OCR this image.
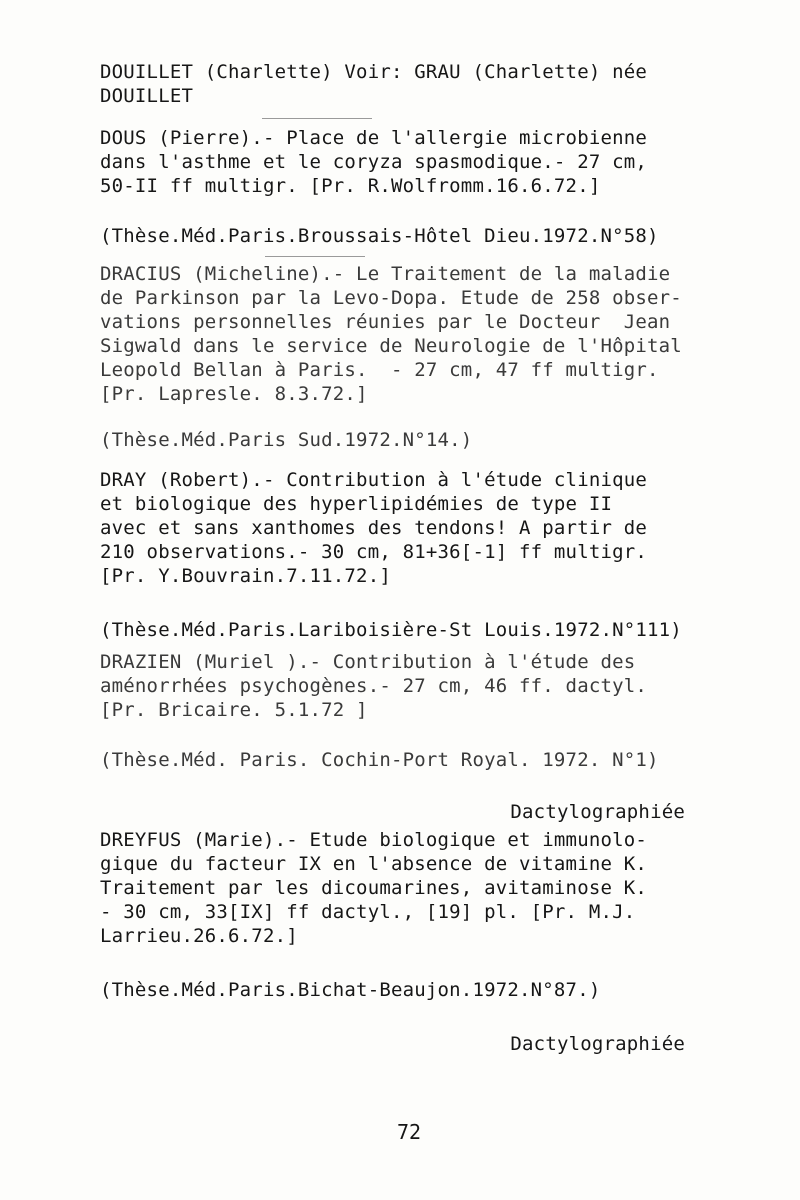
DOUILLET (Charlette) Voir: GRAU (Charlette) née
DOUILLET
DOUS (Pierre).- Place de l'allergie microbienne
dans l'asthme et le coryza spasmodique.- 27 cm,
50-II ff multigr. [Pr. R.Wolfromm.16.6.72.]
(Thèse.Méd.Paris.Broussais-Hôtel Dieu.1972.N°58)
DRACIUS (Micheline).- Le Traitement de la maladie
de Parkinson par la Levo-Dopa. Etude de 258 obser-
vations personnelles réunies par le Docteur  Jean
Sigwald dans le service de Neurologie de l'Hôpital
Leopold Bellan à Paris.  - 27 cm, 47 ff multigr.
[Pr. Lapresle. 8.3.72.]
(Thèse.Méd.Paris Sud.1972.N°14.)
DRAY (Robert).- Contribution à l'étude clinique
et biologique des hyperlipidémies de type II
avec et sans xanthomes des tendons! A partir de
210 observations.- 30 cm, 81+36[-1] ff multigr.
[Pr. Y.Bouvrain.7.11.72.]
(Thèse.Méd.Paris.Lariboisière-St Louis.1972.N°111)
DRAZIEN (Muriel ).- Contribution à l'étude des
aménorrhées psychogènes.- 27 cm, 46 ff. dactyl.
[Pr. Bricaire. 5.1.72 ]
(Thèse.Méd. Paris. Cochin-Port Royal. 1972. N°1)
Dactylographiée
DREYFUS (Marie).- Etude biologique et immunolo-
gique du facteur IX en l'absence de vitamine K.
Traitement par les dicoumarines, avitaminose K.
- 30 cm, 33[IX] ff dactyl., [19] pl. [Pr. M.J.
Larrieu.26.6.72.]
(Thèse.Méd.Paris.Bichat-Beaujon.1972.N°87.)
Dactylographiée
72
